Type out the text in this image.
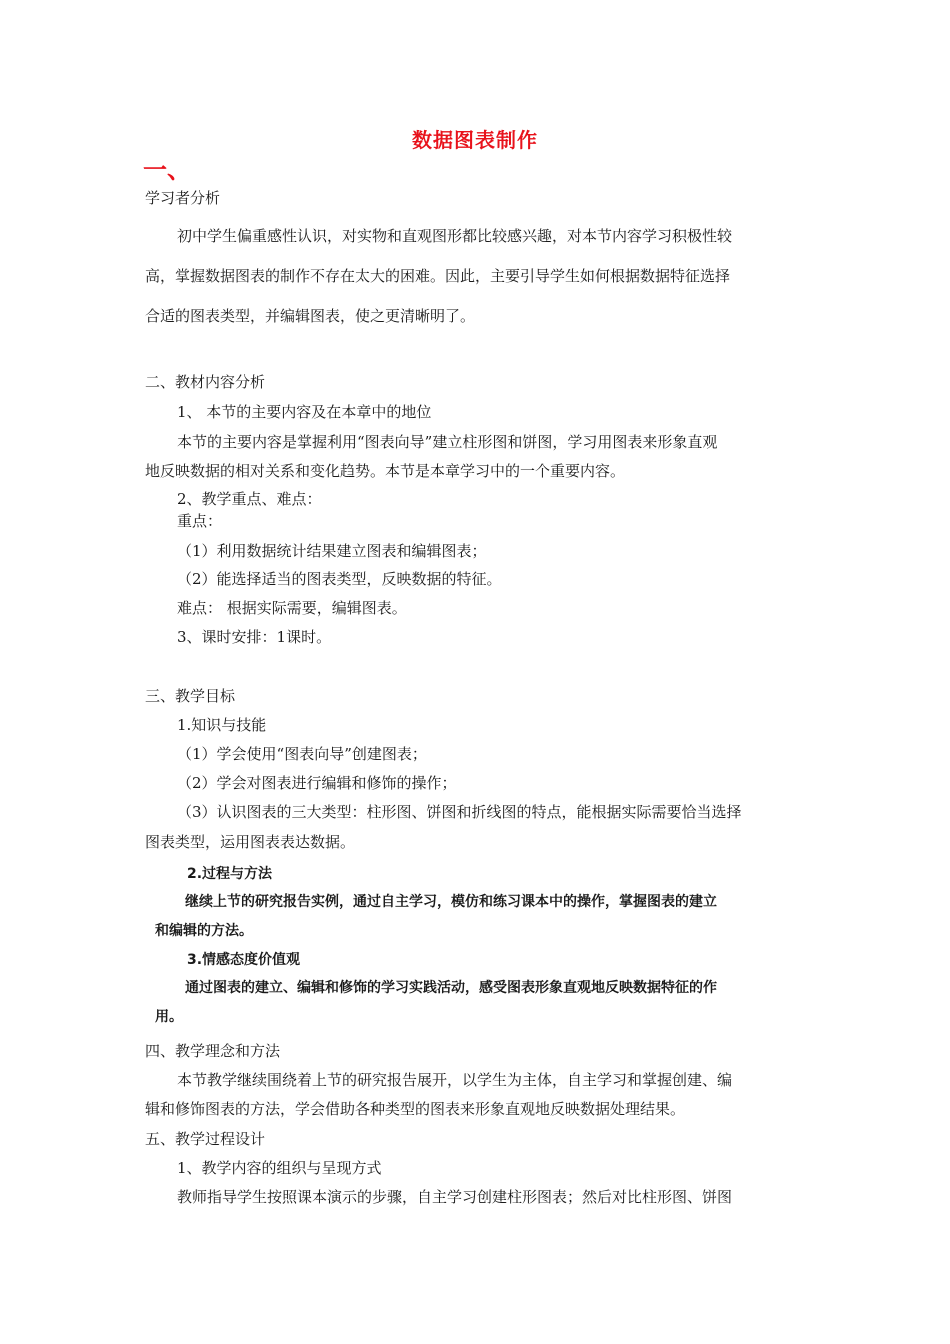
数据图表制作
一、
学习者分析
初中学生偏重感性认识，对实物和直观图形都比较感兴趣，对本节内容学习积极性较
高，掌握数据图表的制作不存在太大的困难。因此，主要引导学生如何根据数据特征选择
合适的图表类型，并编辑图表，使之更清晰明了。
二、教材内容分析
1、 本节的主要内容及在本章中的地位
本节的主要内容是掌握利用“图表向导”建立柱形图和饼图，学习用图表来形象直观
地反映数据的相对关系和变化趋势。本节是本章学习中的一个重要内容。
2、教学重点、难点：
重点：
（1）利用数据统计结果建立图表和编辑图表；
（2）能选择适当的图表类型，反映数据的特征。
难点： 根据实际需要，编辑图表。
3、课时安排：1课时。
三、教学目标
1.知识与技能
（1）学会使用“图表向导”创建图表；
（2）学会对图表进行编辑和修饰的操作；
（3）认识图表的三大类型：柱形图、饼图和折线图的特点，能根据实际需要恰当选择
图表类型，运用图表表达数据。
2.过程与方法
继续上节的研究报告实例，通过自主学习，模仿和练习课本中的操作，掌握图表的建立
和编辑的方法。
3.情感态度价值观
通过图表的建立、编辑和修饰的学习实践活动，感受图表形象直观地反映数据特征的作
用。
四、教学理念和方法
本节教学继续围绕着上节的研究报告展开，以学生为主体，自主学习和掌握创建、编
辑和修饰图表的方法，学会借助各种类型的图表来形象直观地反映数据处理结果。
五、教学过程设计
1、教学内容的组织与呈现方式
教师指导学生按照课本演示的步骤，自主学习创建柱形图表；然后对比柱形图、饼图
